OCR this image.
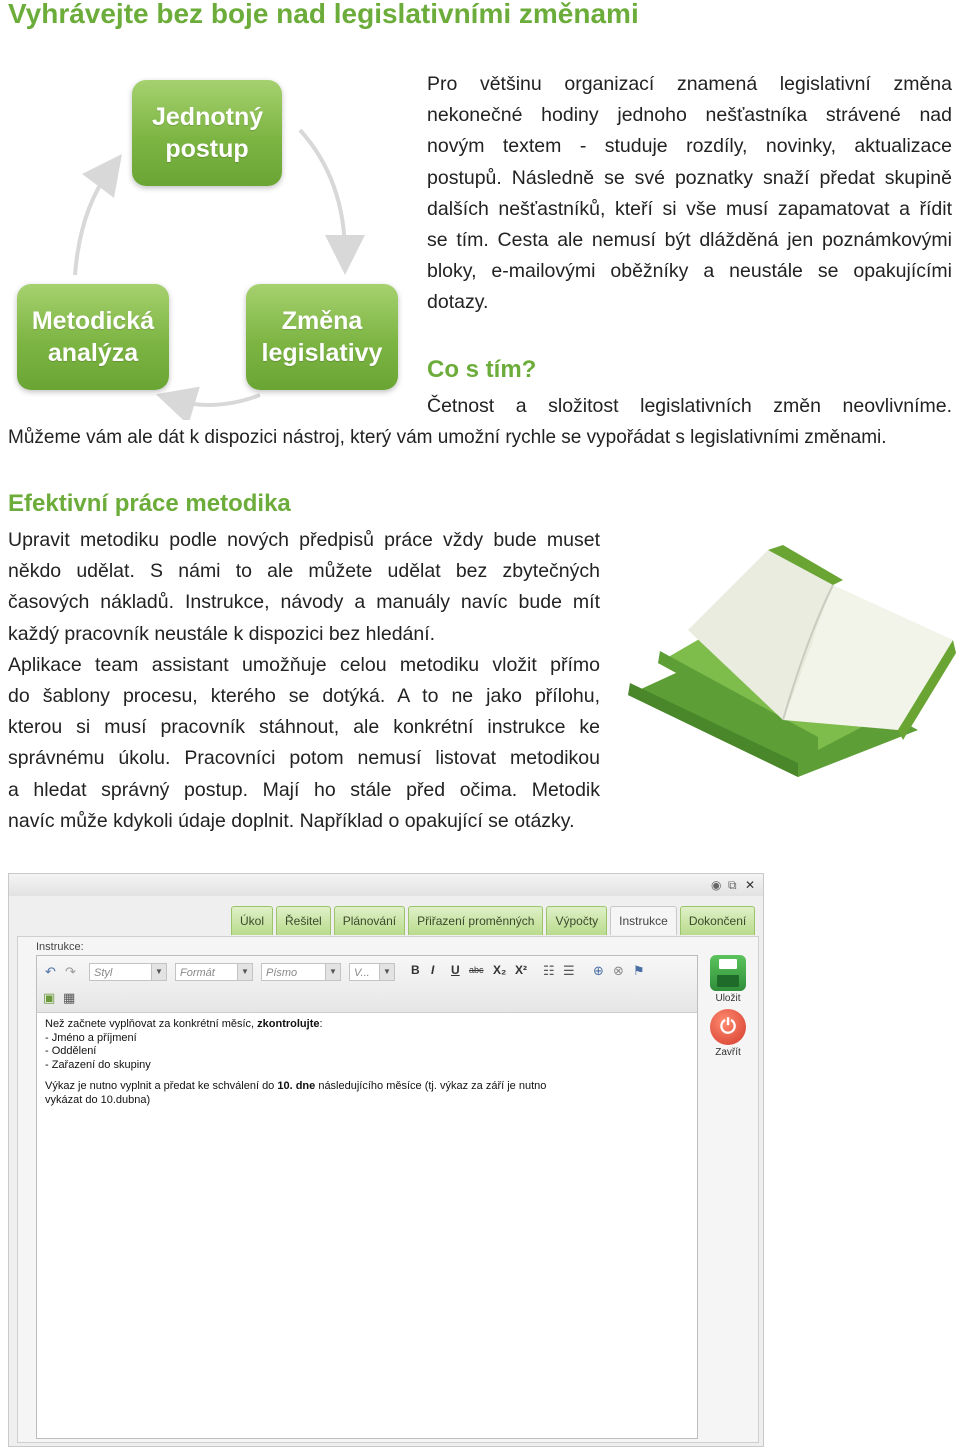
Vyhrávejte bez boje nad legislativními změnami
Jednotný postup
Metodická analýza
Změna legislativy
Pro většinu organizací znamená legislativní změna
nekonečné hodiny jednoho nešťastníka strávené nad
novým textem - studuje rozdíly, novinky, aktualizace
postupů. Následně se své poznatky snaží předat skupině
dalších nešťastníků, kteří si vše musí zapamatovat a řídit
se tím. Cesta ale nemusí být dlážděná jen poznámkovými
bloky, e-mailovými oběžníky a neustále se opakujícími
dotazy.
Co s tím?
Četnost a složitost legislativních změn neovlivníme.
Můžeme vám ale dát k dispozici nástroj, který vám umožní rychle se vypořádat s legislativními změnami.
Efektivní práce metodika
Upravit metodiku podle nových předpisů práce vždy bude muset
někdo udělat. S námi to ale můžete udělat bez zbytečných
časových nákladů. Instrukce, návody a manuály navíc bude mít
každý pracovník neustále k dispozici bez hledání.
Aplikace team assistant umožňuje celou metodiku vložit přímo
do šablony procesu, kterého se dotýká. A to ne jako přílohu,
kterou si musí pracovník stáhnout, ale konkrétní instrukce ke
správnému úkolu. Pracovníci potom nemusí listovat metodikou
a hledat správný postup. Mají ho stále před očima. Metodik
navíc může kdykoli údaje doplnit. Například o opakující se otázky.
◉ ⧉ ✕
Úkol	Řešitel	Plánování	Přiřazení proměnných	Výpočty	Instrukce	Dokončení
Instrukce:
↶ ↷	Styl	▼	Formát	▼	Písmo	▼	V...	▼ B I U abc X₂ X² ☷ ☰ ⊕ ⊗ ⚑
▣ ▦

Než začnete vyplňovat za konkrétní měsíc, zkontrolujte:

- Jméno a příjmení

- Oddělení

- Zařazení do skupiny

Výkaz je nutno vyplnit a předat ke schválení do 10. dne následujícího měsíce (tj. výkaz za září je nutno

vykázat do 10.dubna)

Uložit
⏻
Zavřít
